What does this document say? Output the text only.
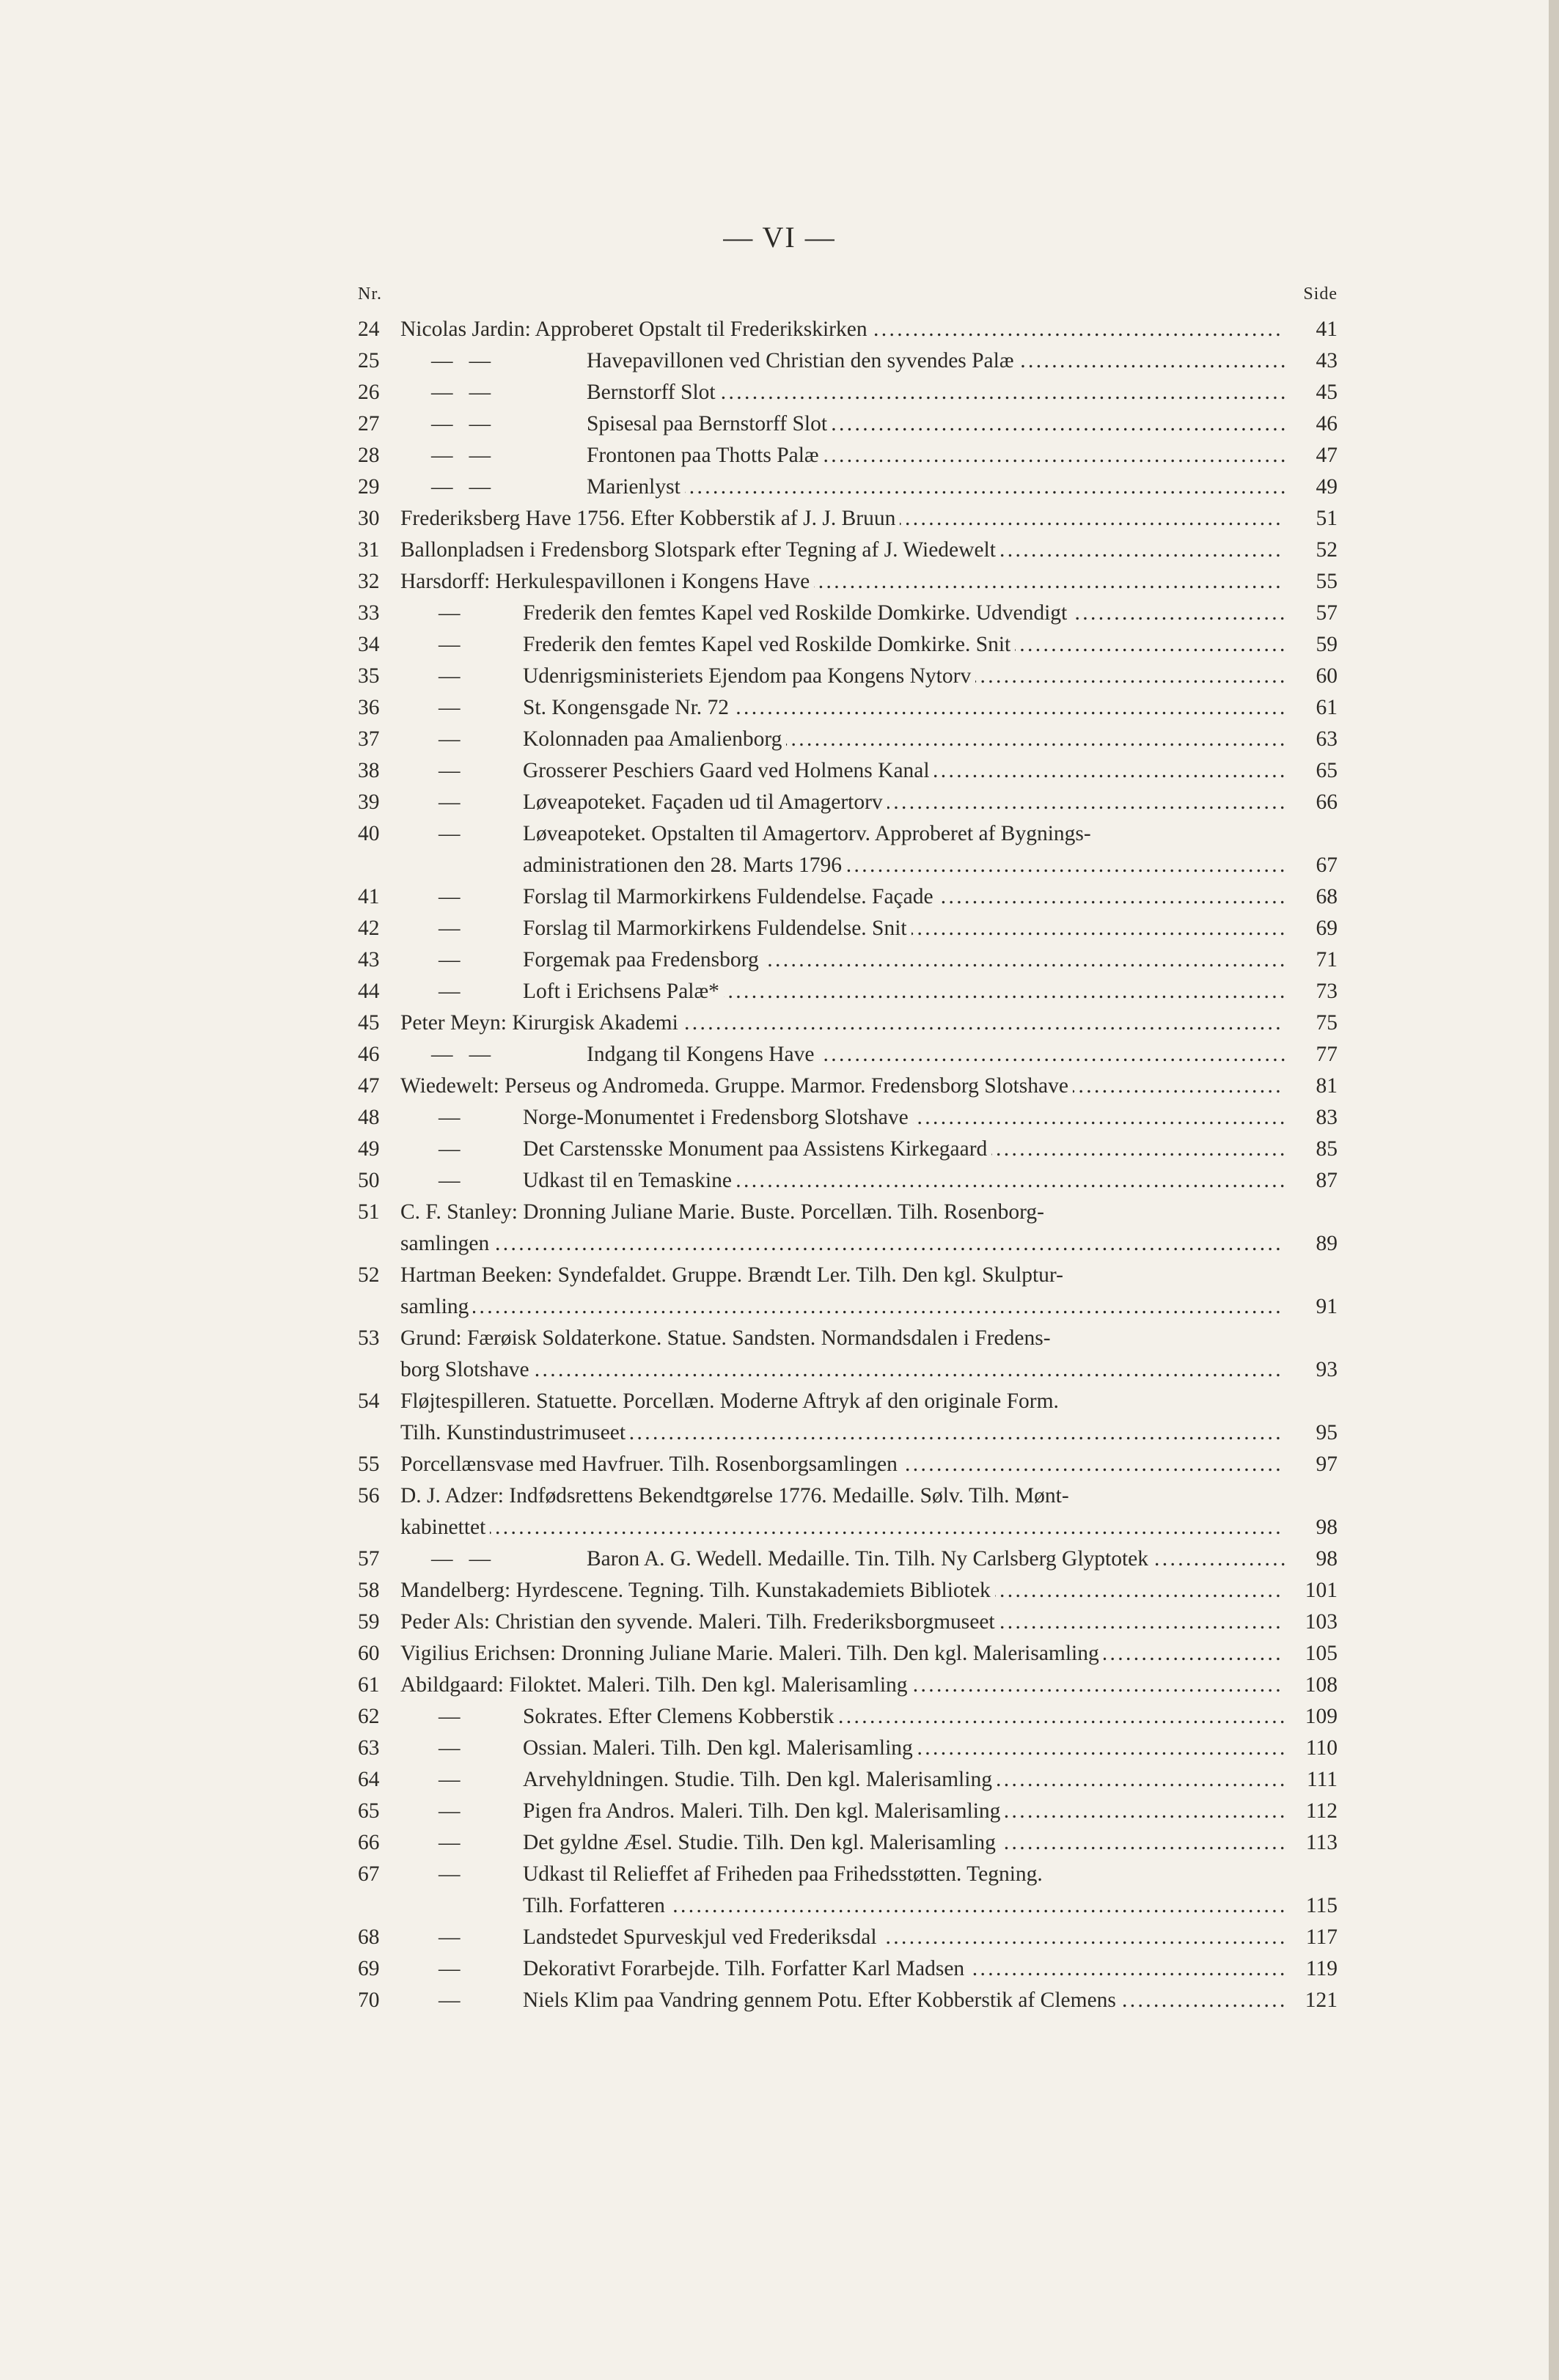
— VI —
Nr.	Side
24 Nicolas Jardin: Approberet Opstalt til Frederikskirken . . .	41
25	—   —	Havepavillonen ved Christian den syvendes Palæ . . .	43
26	—   —	Bernstorff Slot . . .	45
27	—   —	Spisesal paa Bernstorff Slot . . .	46
28	—   —	Frontonen paa Thotts Palæ . . .	47
29	—   —	Marienlyst . . .	49
30 Frederiksberg Have 1756. Efter Kobberstik af J. J. Bruun . . .	51
31 Ballonpladsen i Fredensborg Slotspark efter Tegning af J. Wiedewelt . . .	52
32 Harsdorff: Herkulespavillonen i Kongens Have . . .	55
33	—	Frederik den femtes Kapel ved Roskilde Domkirke. Udvendigt . . .	57
34	—	Frederik den femtes Kapel ved Roskilde Domkirke. Snit . . .	59
35	—	Udenrigsministeriets Ejendom paa Kongens Nytorv . . .	60
36	—	St. Kongensgade Nr. 72 . . .	61
37	—	Kolonnaden paa Amalienborg . . .	63
38	—	Grosserer Peschiers Gaard ved Holmens Kanal . . .	65
39	—	Løveapoteket. Façaden ud til Amagertorv . . .	66
40	—	Løveapoteket. Opstalten til Amagertorv. Approberet af Bygnings-
administrationen den 28. Marts 1796 . . .	67
41	—	Forslag til Marmorkirkens Fuldendelse. Façade . . .	68
42	—	Forslag til Marmorkirkens Fuldendelse. Snit . . .	69
43	—	Forgemak paa Fredensborg . . .	71
44	—	Loft i Erichsens Palæ* . . .	73
45 Peter Meyn: Kirurgisk Akademi . . .	75
46	—   —	Indgang til Kongens Have . . .	77
47 Wiedewelt: Perseus og Andromeda. Gruppe. Marmor. Fredensborg Slotshave . . .	81
48	—	Norge-Monumentet i Fredensborg Slotshave . . .	83
49	—	Det Carstensske Monument paa Assistens Kirkegaard . . .	85
50	—	Udkast til en Temaskine . . .	87
51 C. F. Stanley: Dronning Juliane Marie. Buste. Porcellæn. Tilh. Rosenborg-
samlingen . . .	89
52 Hartman Beeken: Syndefaldet. Gruppe. Brændt Ler. Tilh. Den kgl. Skulptur-
samling . . .	91
53 Grund: Færøisk Soldaterkone. Statue. Sandsten. Normandsdalen i Fredens-
borg Slotshave . . .	93
54 Fløjtespilleren. Statuette. Porcellæn. Moderne Aftryk af den originale Form.
Tilh. Kunstindustrimuseet . . .	95
55 Porcellænsvase med Havfruer. Tilh. Rosenborgsamlingen . . .	97
56 D. J. Adzer: Indfødsrettens Bekendtgørelse 1776. Medaille. Sølv. Tilh. Mønt-
kabinettet . . .	98
57	—   —	Baron A. G. Wedell. Medaille. Tin. Tilh. Ny Carlsberg Glyptotek . . .	98
58 Mandelberg: Hyrdescene. Tegning. Tilh. Kunstakademiets Bibliotek . . .	101
59 Peder Als: Christian den syvende. Maleri. Tilh. Frederiksborgmuseet . . .	103
60 Vigilius Erichsen: Dronning Juliane Marie. Maleri. Tilh. Den kgl. Malerisamling . . .	105
61 Abildgaard: Filoktet. Maleri. Tilh. Den kgl. Malerisamling . . .	108
62	—	Sokrates. Efter Clemens Kobberstik . . .	109
63	—	Ossian. Maleri. Tilh. Den kgl. Malerisamling . . .	110
64	—	Arvehyldningen. Studie. Tilh. Den kgl. Malerisamling . . .	111
65	—	Pigen fra Andros. Maleri. Tilh. Den kgl. Malerisamling . . .	112
66	—	Det gyldne Æsel. Studie. Tilh. Den kgl. Malerisamling . . .	113
67	—	Udkast til Relieffet af Friheden paa Frihedsstøtten. Tegning.
Tilh. Forfatteren . . .	115
68	—	Landstedet Spurveskjul ved Frederiksdal . . .	117
69	—	Dekorativt Forarbejde. Tilh. Forfatter Karl Madsen . . .	119
70	—	Niels Klim paa Vandring gennem Potu. Efter Kobberstik af Clemens . . .	121
